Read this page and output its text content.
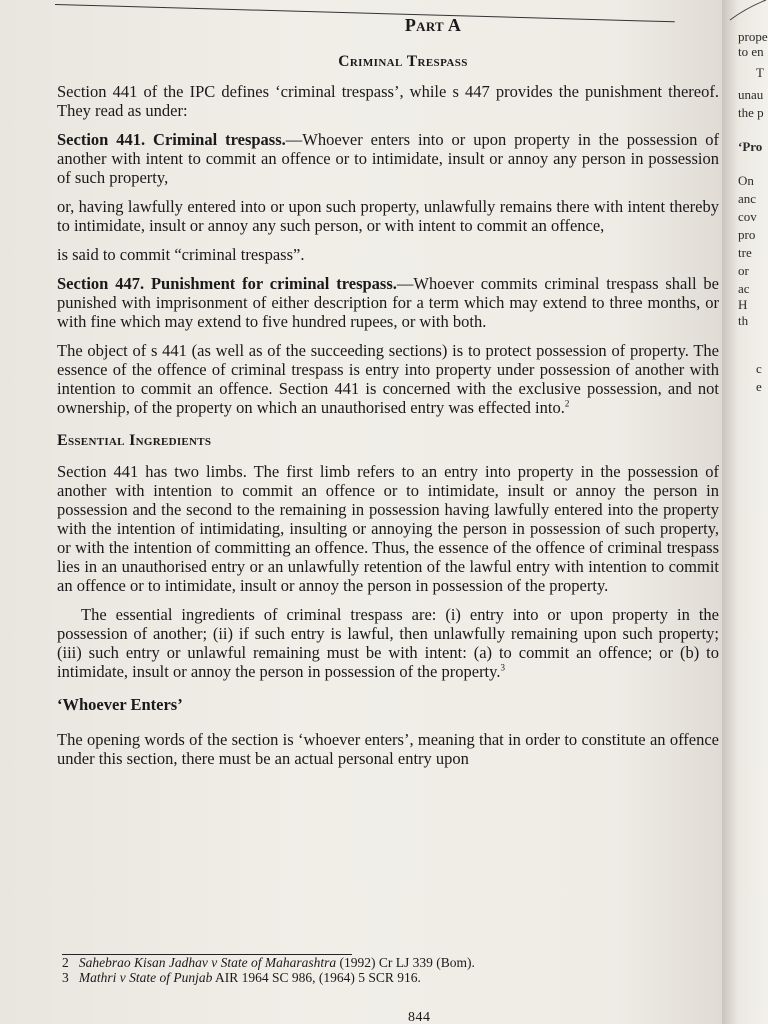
prope
to en
T
unau
the p
‘Pro
On
anc
cov
pro
tre
or
ac
H
th
c
e
Part A
Criminal Trespass

Section 441 of the IPC defines ‘criminal trespass’, while s 447 provides the punishment thereof. They read as under:

Section 441. Criminal trespass.—Whoever enters into or upon property in the possession of another with intent to commit an offence or to intimidate, insult or annoy any person in possession of such property,

or, having lawfully entered into or upon such property, unlawfully remains there with intent thereby to intimidate, insult or annoy any such person, or with intent to commit an offence,

is said to commit “criminal trespass”.

Section 447. Punishment for criminal trespass.—Whoever commits criminal trespass shall be punished with imprisonment of either description for a term which may extend to three months, or with fine which may extend to five hundred rupees, or with both.

The object of s 441 (as well as of the succeeding sections) is to protect possession of property. The essence of the offence of criminal trespass is entry into property under possession of another with intention to commit an offence. Section 441 is concerned with the exclusive possession, and not ownership, of the property on which an unauthorised entry was effected into.$^2$

Essential Ingredients

Section 441 has two limbs. The first limb refers to an entry into property in the possession of another with intention to commit an offence or to intimidate, insult or annoy the person in possession and the second to the remaining in possession having lawfully entered into the property with the intention of intimidating, insulting or annoying the person in possession of such property, or with the intention of committing an offence. Thus, the essence of the offence of criminal trespass lies in an unauthorised entry or an unlawfully retention of the lawful entry with intention to commit an offence or to intimidate, insult or annoy the person in possession of the property.

The essential ingredients of criminal trespass are: (i) entry into or upon property in the possession of another; (ii) if such entry is lawful, then unlawfully remaining upon such property; (iii) such entry or unlawful remaining must be with intent: (a) to commit an offence; or (b) to intimidate, insult or annoy the person in possession of the property.$^3$

‘Whoever Enters’

The opening words of the section is ‘whoever enters’, meaning that in order to constitute an offence under this section, there must be an actual personal entry upon

2 Sahebrao Kisan Jadhav v State of Maharashtra (1992) Cr LJ 339 (Bom).
3 Mathri v State of Punjab AIR 1964 SC 986, (1964) 5 SCR 916.
844
